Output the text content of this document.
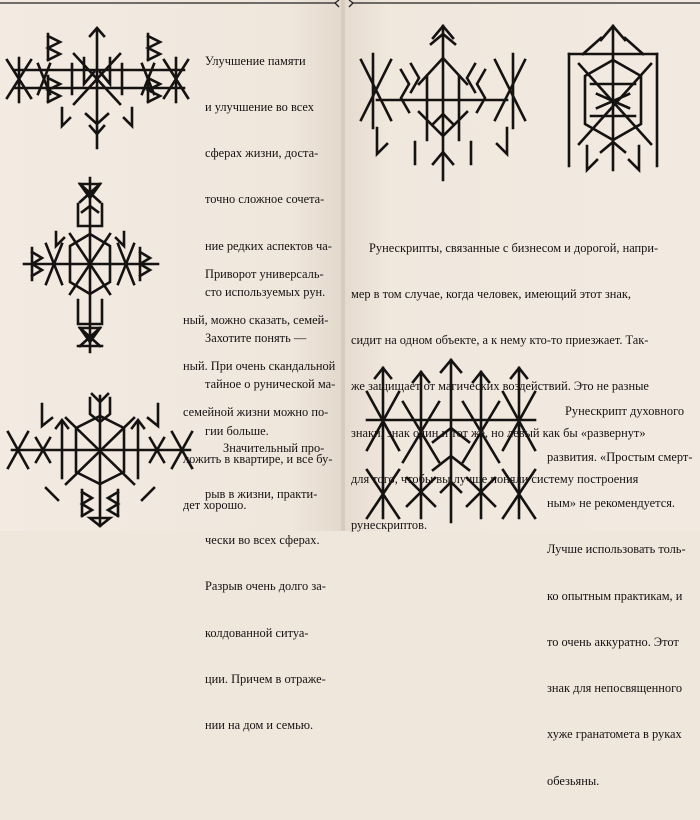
Улучшение памяти

и улучшение во всех

сферах жизни, доста-

точно сложное сочета-

ние редких аспектов ча-

сто используемых рун.

Захотите понять —

тайное о рунической ма-

гии больше.

Приворот универсаль-

ный, можно сказать, семей-

ный. При очень скандальной

семейной жизни можно по-

ложить в квартире, и все бу-

дет хорошо.

Значительный про-

рыв в жизни, практи-

чески во всех сферах.

Разрыв очень долго за-

колдованной ситуа-

ции. Причем в отраже-

нии на дом и семью.

Рунескрипты, связанные с бизнесом и дорогой, напри-

мер в том случае, когда человек, имеющий этот знак,

сидит на одном объекте, а к нему кто-то приезжает. Так-

же защищает от магических воздействий. Это не разные

знаки, знак один и тот же, но левый как бы «развернут»

для того, чтобы вы лучше поняли систему построения

рунескриптов.

Рунескрипт духовного

развития. «Простым смерт-

ным» не рекомендуется.

Лучше использовать толь-

ко опытным практикам, и

то очень аккуратно. Этот

знак для непосвященного

хуже гранатомета в руках

обезьяны.
